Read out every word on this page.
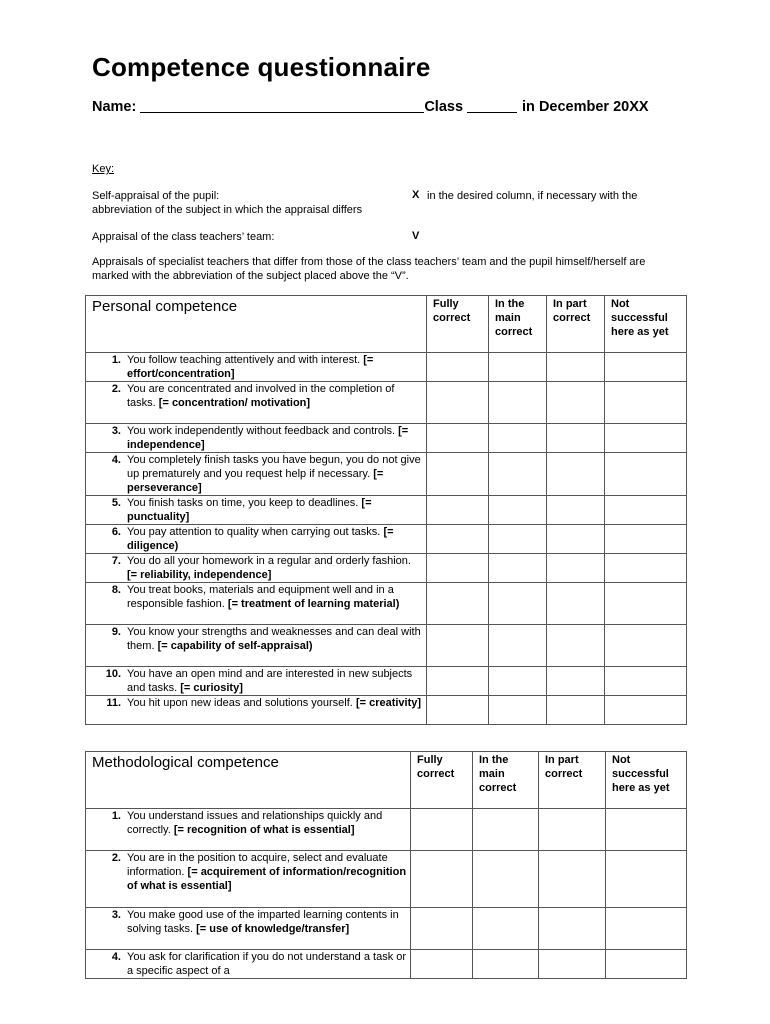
Competence questionnaire
Name:	Class	in December 20XX
Key:
Self-appraisal of the pupil:	X in the desired column, if necessary with the
abbreviation of the subject in which the appraisal differs
Appraisal of the class teachers’ team:	V
Appraisals of specialist teachers that differ from those of the class teachers’ team and the pupil himself/herself are marked with the abbreviation of the subject placed above the “V”.
Personal competence	Fully correct	In the main correct	In part correct	Not successful here as yet

1. You follow teaching attentively and with interest. [= effort/concentration]				

2. You are concentrated and involved in the completion of tasks. [= concentration/ motivation]				

3. You work independently without feedback and controls. [= independence]				

4. You completely finish tasks you have begun, you do not give up prematurely and you request help if necessary. [= perseverance]				

5. You finish tasks on time, you keep to deadlines. [= punctuality]				

6. You pay attention to quality when carrying out tasks. [= diligence)				

7. You do all your homework in a regular and orderly fashion. [= reliability, independence]				

8. You treat books, materials and equipment well and in a responsible fashion. [= treatment of learning material)				

9. You know your strengths and weaknesses and can deal with them. [= capability of self-appraisal)				

10. You have an open mind and are interested in new subjects and tasks. [= curiosity]				

11. You hit upon new ideas and solutions yourself. [= creativity]				

Methodological competence	Fully correct	In the main correct	In part correct	Not successful here as yet

1. You understand issues and relationships quickly and correctly. [= recognition of what is essential]				

2. You are in the position to acquire, select and evaluate information. [= acquirement of information/recognition of what is essential]				

3. You make good use of the imparted learning contents in solving tasks. [= use of knowledge/transfer]				

4. You ask for clarification if you do not understand a task or a specific aspect of a				
